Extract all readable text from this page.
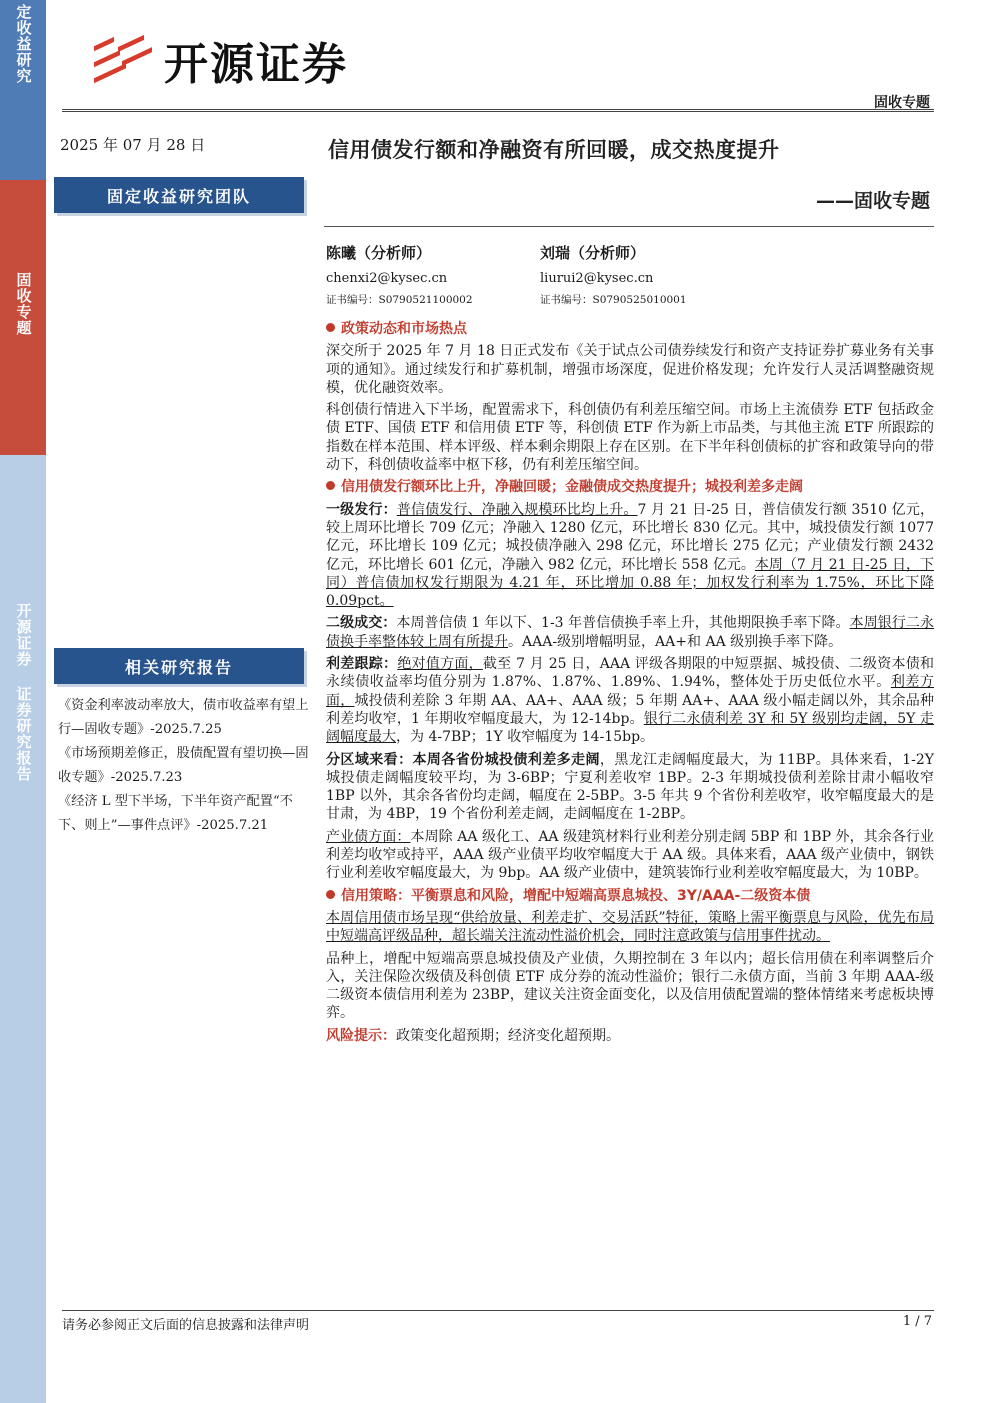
定收益研究
固收专题
开源证券 证券研究报告
开源证券
固收专题
2025 年 07 月 28 日
固定收益研究团队
相关研究报告
《资金利率波动率放大，债市收益率有望上行—固收专题》-2025.7.25
《市场预期差修正，股债配置有望切换—固收专题》-2025.7.23
《经济 L 型下半场，下半年资产配置“不下、则上”—事件点评》-2025.7.21
信用债发行额和净融资有所回暖，成交热度提升
——固收专题
陈曦（分析师）
chenxi2@kysec.cn
证书编号：S0790521100002
刘瑞（分析师）
liurui2@kysec.cn
证书编号：S0790525010001
政策动态和市场热点
深交所于 2025 年 7 月 18 日正式发布《关于试点公司债券续发行和资产支持证券扩募业务有关事项的通知》。通过续发行和扩募机制，增强市场深度，促进价格发现；允许发行人灵活调整融资规模，优化融资效率。
科创债行情进入下半场，配置需求下，科创债仍有利差压缩空间。市场上主流债券 ETF 包括政金债 ETF、国债 ETF 和信用债 ETF 等，科创债 ETF 作为新上市品类，与其他主流 ETF 所跟踪的指数在样本范围、样本评级、样本剩余期限上存在区别。在下半年科创债标的扩容和政策导向的带动下，科创债收益率中枢下移，仍有利差压缩空间。
信用债发行额环比上升，净融回暖；金融债成交热度提升；城投利差多走阔
一级发行：普信债发行、净融入规模环比均上升。7 月 21 日-25 日，普信债发行额 3510 亿元，较上周环比增长 709 亿元；净融入 1280 亿元，环比增长 830 亿元。其中，城投债发行额 1077 亿元，环比增长 109 亿元；城投债净融入 298 亿元，环比增长 275 亿元；产业债发行额 2432 亿元，环比增长 601 亿元，净融入 982 亿元，环比增长 558 亿元。本周（7 月 21 日-25 日，下同）普信债加权发行期限为 4.21 年，环比增加 0.88 年；加权发行利率为 1.75%，环比下降 0.09pct。
二级成交：本周普信债 1 年以下、1-3 年普信债换手率上升，其他期限换手率下降。本周银行二永债换手率整体较上周有所提升。AAA-级别增幅明显，AA+和 AA 级别换手率下降。
利差跟踪：绝对值方面，截至 7 月 25 日，AAA 评级各期限的中短票据、城投债、二级资本债和永续债收益率均值分别为 1.87%、1.87%、1.89%、1.94%，整体处于历史低位水平。利差方面，城投债利差除 3 年期 AA、AA+、AAA 级；5 年期 AA+、AAA 级小幅走阔以外，其余品种利差均收窄，1 年期收窄幅度最大，为 12-14bp。银行二永债利差 3Y 和 5Y 级别均走阔，5Y 走阔幅度最大，为 4-7BP；1Y 收窄幅度为 14-15bp。
分区域来看：本周各省份城投债利差多走阔，黑龙江走阔幅度最大，为 11BP。具体来看，1-2Y 城投债走阔幅度较平均，为 3-6BP；宁夏利差收窄 1BP。2-3 年期城投债利差除甘肃小幅收窄 1BP 以外，其余各省份均走阔，幅度在 2-5BP。3-5 年共 9 个省份利差收窄，收窄幅度最大的是甘肃，为 4BP，19 个省份利差走阔，走阔幅度在 1-2BP。
产业债方面：本周除 AA 级化工、AA 级建筑材料行业利差分别走阔 5BP 和 1BP 外，其余各行业利差均收窄或持平，AAA 级产业债平均收窄幅度大于 AA 级。具体来看，AAA 级产业债中，钢铁行业利差收窄幅度最大，为 9bp。AA 级产业债中，建筑装饰行业利差收窄幅度最大，为 10BP。
信用策略：平衡票息和风险，增配中短端高票息城投、3Y/AAA-二级资本债
本周信用债市场呈现“供给放量、利差走扩、交易活跃”特征，策略上需平衡票息与风险，优先布局中短端高评级品种，超长端关注流动性溢价机会，同时注意政策与信用事件扰动。
品种上，增配中短端高票息城投债及产业债，久期控制在 3 年以内；超长信用债在利率调整后介入，关注保险次级债及科创债 ETF 成分券的流动性溢价；银行二永债方面，当前 3 年期 AAA-级二级资本债信用利差为 23BP，建议关注资金面变化，以及信用债配置端的整体情绪来考虑板块博弈。
风险提示：政策变化超预期；经济变化超预期。
请务必参阅正文后面的信息披露和法律声明	1 / 7
